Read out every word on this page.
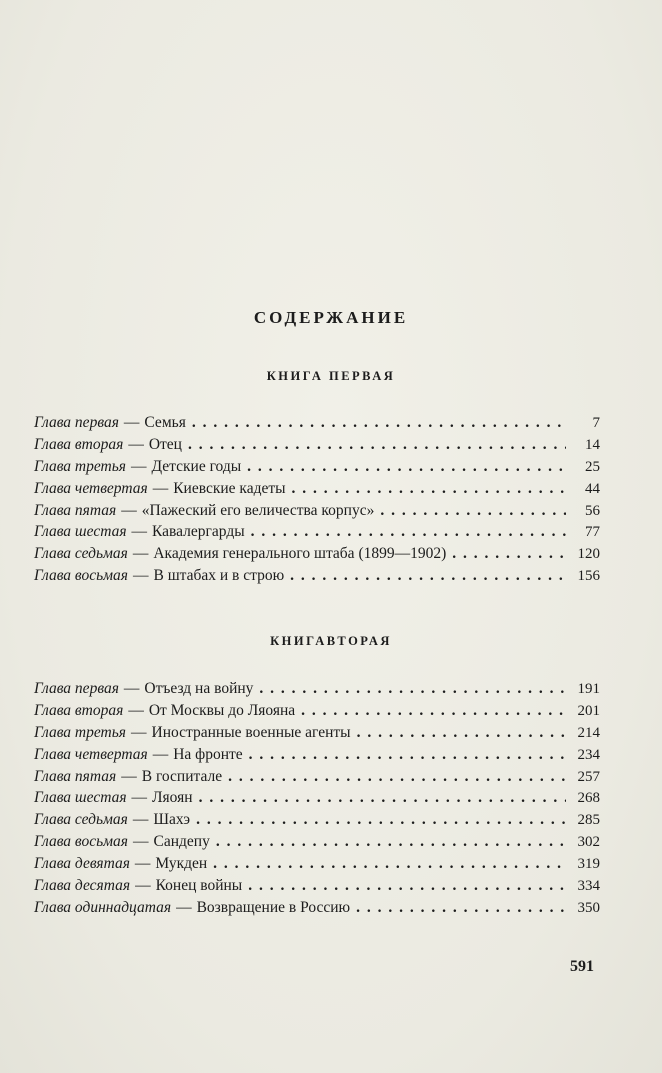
СОДЕРЖАНИЕ
КНИГА ПЕРВАЯ
Глава первая — Семья . . .	7
Глава вторая — Отец . . .	14
Глава третья — Детские годы . . .	25
Глава четвертая — Киевские кадеты . . .	44
Глава пятая — «Пажеский его величества корпус» . . .	56
Глава шестая — Кавалергарды . . .	77
Глава седьмая — Академия генерального штаба (1899—1902) . . .	120
Глава восьмая — В штабах и в строю . . .	156
КНИГАВТОРАЯ
Глава первая — Отъезд на войну . . .	191
Глава вторая — От Москвы до Ляояна . . .	201
Глава третья — Иностранные военные агенты . . .	214
Глава четвертая — На фронте . . .	234
Глава пятая — В госпитале . . .	257
Глава шестая — Ляоян . . .	268
Глава седьмая — Шахэ . . .	285
Глава восьмая — Сандепу . . .	302
Глава девятая — Мукден . . .	319
Глава десятая — Конец войны . . .	334
Глава одиннадцатая — Возвращение в Россию . . .	350
591
